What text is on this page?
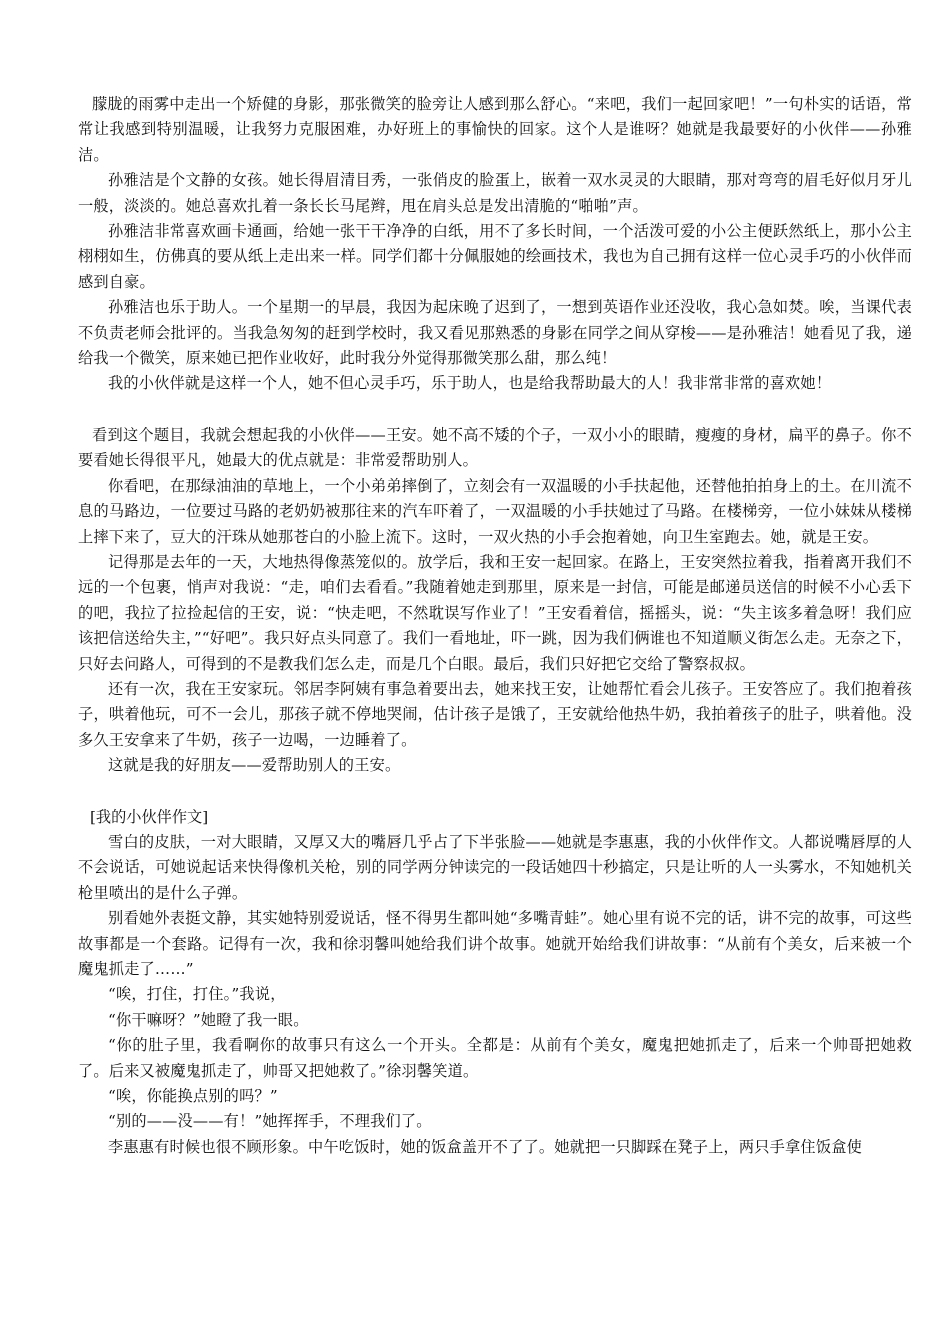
朦胧的雨雾中走出一个矫健的身影，那张微笑的脸旁让人感到那么舒心。“来吧，我们一起回家吧！”一句朴实的话语，常常让我感到特别温暖，让我努力克服困难，办好班上的事愉快的回家。这个人是谁呀？她就是我最要好的小伙伴——孙雅洁。

孙雅洁是个文静的女孩。她长得眉清目秀，一张俏皮的脸蛋上，嵌着一双水灵灵的大眼睛，那对弯弯的眉毛好似月牙儿一般，淡淡的。她总喜欢扎着一条长长马尾辫，甩在肩头总是发出清脆的“啪啪”声。

孙雅洁非常喜欢画卡通画，给她一张干干净净的白纸，用不了多长时间，一个活泼可爱的小公主便跃然纸上，那小公主栩栩如生，仿佛真的要从纸上走出来一样。同学们都十分佩服她的绘画技术，我也为自己拥有这样一位心灵手巧的小伙伴而感到自豪。

孙雅洁也乐于助人。一个星期一的早晨，我因为起床晚了迟到了，一想到英语作业还没收，我心急如焚。唉，当课代表不负责老师会批评的。当我急匆匆的赶到学校时，我又看见那熟悉的身影在同学之间从穿梭——是孙雅洁！她看见了我，递给我一个微笑，原来她已把作业收好，此时我分外觉得那微笑那么甜，那么纯！

我的小伙伴就是这样一个人，她不但心灵手巧，乐于助人，也是给我帮助最大的人！我非常非常的喜欢她！

看到这个题目，我就会想起我的小伙伴——王安。她不高不矮的个子，一双小小的眼睛，瘦瘦的身材，扁平的鼻子。你不要看她长得很平凡，她最大的优点就是：非常爱帮助别人。

你看吧，在那绿油油的草地上，一个小弟弟摔倒了，立刻会有一双温暖的小手扶起他，还替他拍拍身上的土。在川流不息的马路边，一位要过马路的老奶奶被那往来的汽车吓着了，一双温暖的小手扶她过了马路。在楼梯旁，一位小妹妹从楼梯上摔下来了，豆大的汗珠从她那苍白的小脸上流下。这时，一双火热的小手会抱着她，向卫生室跑去。她，就是王安。

记得那是去年的一天，大地热得像蒸笼似的。放学后，我和王安一起回家。在路上，王安突然拉着我，指着离开我们不远的一个包裹，悄声对我说：“走，咱们去看看。”我随着她走到那里，原来是一封信，可能是邮递员送信的时候不小心丢下的吧，我拉了拉捡起信的王安，说：“快走吧，不然耽误写作业了！”王安看着信，摇摇头，说：“失主该多着急呀！我们应该把信送给失主，”“好吧”。我只好点头同意了。我们一看地址，吓一跳，因为我们俩谁也不知道顺义街怎么走。无奈之下，只好去问路人，可得到的不是教我们怎么走，而是几个白眼。最后，我们只好把它交给了警察叔叔。

还有一次，我在王安家玩。邻居李阿姨有事急着要出去，她来找王安，让她帮忙看会儿孩子。王安答应了。我们抱着孩子，哄着他玩，可不一会儿，那孩子就不停地哭闹，估计孩子是饿了，王安就给他热牛奶，我拍着孩子的肚子，哄着他。没多久王安拿来了牛奶，孩子一边喝，一边睡着了。

这就是我的好朋友——爱帮助别人的王安。

[我的小伙伴作文]

雪白的皮肤，一对大眼睛，又厚又大的嘴唇几乎占了下半张脸——她就是李惠惠，我的小伙伴作文。人都说嘴唇厚的人不会说话，可她说起话来快得像机关枪，别的同学两分钟读完的一段话她四十秒搞定，只是让听的人一头雾水，不知她机关枪里喷出的是什么子弹。

别看她外表挺文静，其实她特别爱说话，怪不得男生都叫她“多嘴青蛙”。她心里有说不完的话，讲不完的故事，可这些故事都是一个套路。记得有一次，我和徐羽馨叫她给我们讲个故事。她就开始给我们讲故事：“从前有个美女，后来被一个魔鬼抓走了……”

“唉，打住，打住。”我说，

“你干嘛呀？”她瞪了我一眼。

“你的肚子里，我看啊你的故事只有这么一个开头。全都是：从前有个美女，魔鬼把她抓走了，后来一个帅哥把她救了。后来又被魔鬼抓走了，帅哥又把她救了。”徐羽馨笑道。

“唉，你能换点别的吗？”

“别的——没——有！”她挥挥手，不理我们了。

李惠惠有时候也很不顾形象。中午吃饭时，她的饭盒盖开不了了。她就把一只脚踩在凳子上，两只手拿住饭盒使
